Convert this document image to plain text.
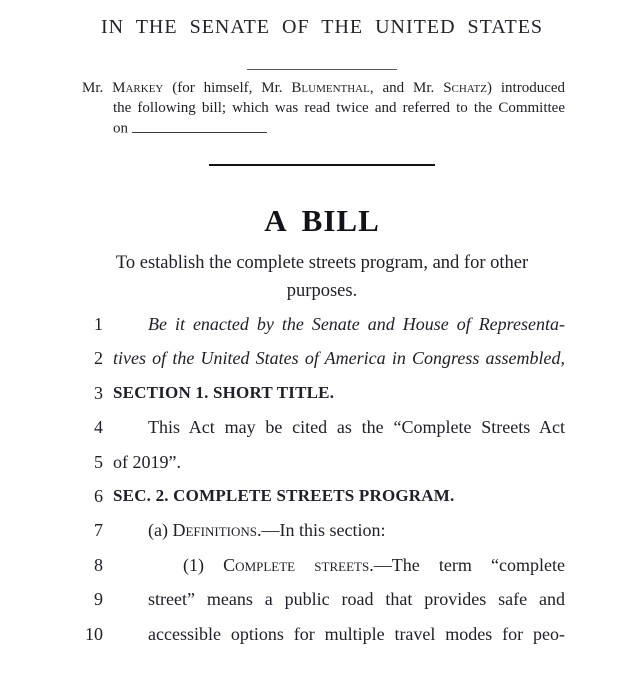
IN THE SENATE OF THE UNITED STATES
Mr. Markey (for himself, Mr. Blumenthal, and Mr. Schatz) introduced
the following bill; which was read twice and referred to the Committee
on
A BILL
To establish the complete streets program, and for other purposes.
1	Be it enacted by the Senate and House of Representa-
2 tives of the United States of America in Congress assembled,
3 SECTION 1. SHORT TITLE.
4	This Act may be cited as the “Complete Streets Act
5 of 2019”.
6 SEC. 2. COMPLETE STREETS PROGRAM.
7	(a) Definitions.—In this section:
8	(1) Complete streets.—The term “complete
9	street” means a public road that provides safe and
10	accessible options for multiple travel modes for peo-
